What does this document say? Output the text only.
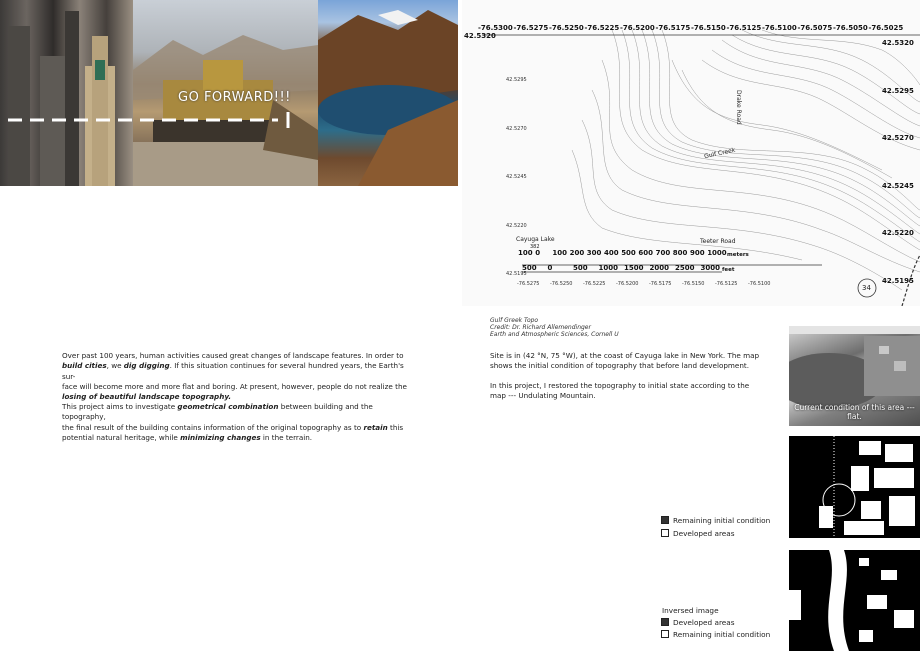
GO FORWARD!!!
-76.5300 -76.5275 -76.5250 -76.5225 -76.5200 -76.5175 -76.5150 -76.5125 -76.5100 -76.5075 -76.5050 -76.5025
42.5320
42.5295
42.5270
42.5245
42.5220
42.5195
42.5295
42.5270
42.5245
42.5220
42.5195
-76.5275 -76.5250 -76.5225 -76.5200 -76.5175 -76.5150 -76.5125 -76.5100
42.5320
Cayuga Lake
382
Gulf Creek
Drake Road
Teeter Road
34
100 0 100 200 300 400 500 600 700 800 900 1000 meters
500 0	500 1000 1500 2000 2500 3000 feet
Gulf Greek Topo
Credit: Dr. Richard Allemendinger
Earth and Atmospheric Sciences, Cornell U
Over past 100 years, human activities caused great changes of landscape features. In order to
build cities, we dig digging. If this situation continues for several hundred years, the Earth's sur-
face will become more and more flat and boring. At present, however, people do not realize the
losing of beautiful landscape topography.
This project aims to investigate geometrical combination between building and the topography,
the final result of the building contains information of the original topography as to retain this
potential natural heritage, while minimizing changes in the terrain.
Site is in (42 °N, 75 °W), at the coast of Cayuga lake in New York. The map
shows the initial condition of topography that before land development.
In this project, I restored the topography to initial state according to the
map --- Undulating Mountain.
Current condition of this area --- flat.
Remaining initial condition
Developed areas
Inversed image
Developed areas
Remaining initial condition
